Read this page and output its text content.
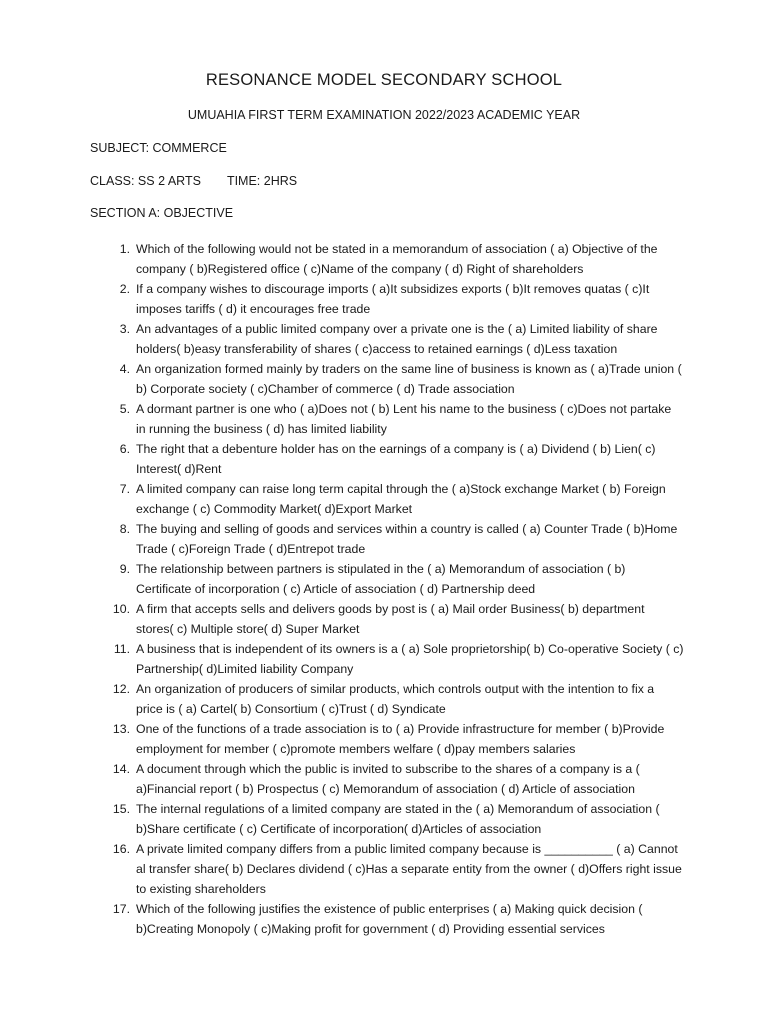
RESONANCE MODEL SECONDARY SCHOOL
UMUAHIA FIRST TERM EXAMINATION 2022/2023 ACADEMIC YEAR
SUBJECT: COMMERCE
CLASS: SS 2 ARTS TIME: 2HRS
SECTION A: OBJECTIVE
1. Which of the following would not be stated in a memorandum of association ( a) Objective of the company ( b)Registered office ( c)Name of the company ( d) Right of shareholders
2. If a company wishes to discourage imports ( a)It subsidizes exports ( b)It removes quatas ( c)It imposes tariffs ( d) it encourages free trade
3. An advantages of a public limited company over a private one is the ( a) Limited liability of share holders( b)easy transferability of shares ( c)access to retained earnings ( d)Less taxation
4. An organization formed mainly by traders on the same line of business is known as ( a)Trade union ( b) Corporate society ( c)Chamber of commerce ( d) Trade association
5. A dormant partner is one who ( a)Does not ( b) Lent his name to the business ( c)Does not partake in running the business ( d) has limited liability
6. The right that a debenture holder has on the earnings of a company is ( a) Dividend ( b) Lien( c) Interest( d)Rent
7. A limited company can raise long term capital through the ( a)Stock exchange Market ( b) Foreign exchange ( c) Commodity Market( d)Export Market
8. The buying and selling of goods and services within a country is called ( a) Counter Trade ( b)Home Trade ( c)Foreign Trade ( d)Entrepot trade
9. The relationship between partners is stipulated in the ( a) Memorandum of association ( b) Certificate of incorporation ( c) Article of association ( d) Partnership deed
10. A firm that accepts sells and delivers goods by post is ( a) Mail order Business( b) department stores( c) Multiple store( d) Super Market
11. A business that is independent of its owners is a ( a) Sole proprietorship( b) Co-operative Society ( c) Partnership( d)Limited liability Company
12. An organization of producers of similar products, which controls output with the intention to fix a price is ( a) Cartel( b) Consortium ( c)Trust ( d) Syndicate
13. One of the functions of a trade association is to ( a) Provide infrastructure for member ( b)Provide employment for member ( c)promote members welfare ( d)pay members salaries
14. A document through which the public is invited to subscribe to the shares of a company is a ( a)Financial report ( b) Prospectus ( c) Memorandum of association ( d) Article of association
15. The internal regulations of a limited company are stated in the ( a) Memorandum of association ( b)Share certificate ( c) Certificate of incorporation( d)Articles of association
16. A private limited company differs from a public limited company because is __________ ( a) Cannot al transfer share( b) Declares dividend ( c)Has a separate entity from the owner ( d)Offers right issue to existing shareholders
17. Which of the following justifies the existence of public enterprises ( a) Making quick decision ( b)Creating Monopoly ( c)Making profit for government ( d) Providing essential services
